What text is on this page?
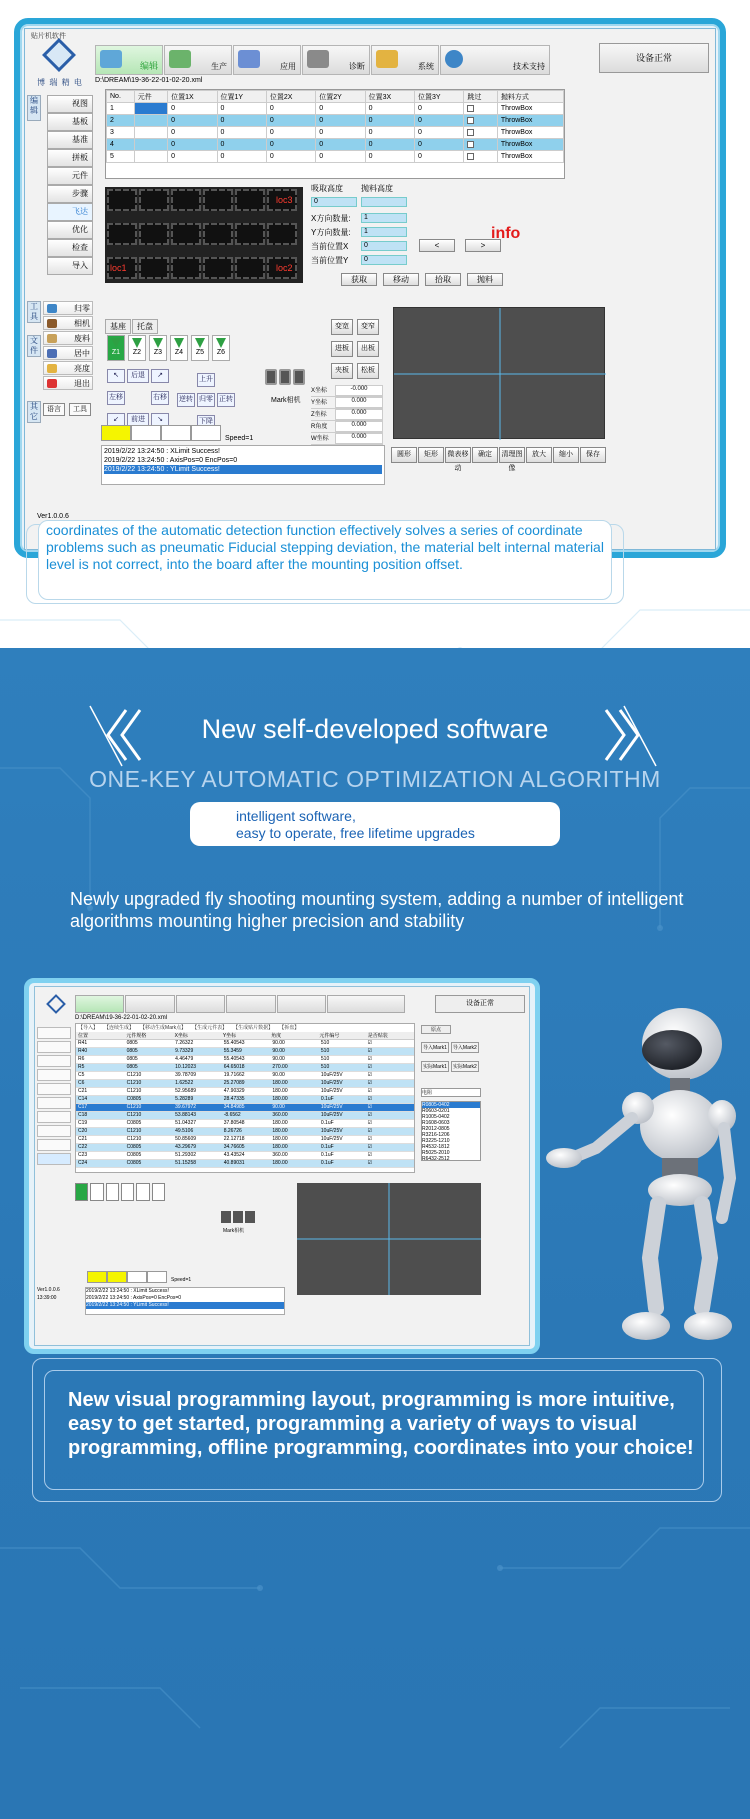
贴片机软件
博 瑞 精 电
编辑	生产	应用	诊断	系统	技术支持
设备正常
D:\DREAM\19-36-22-01-02-20.xml
编辑
工具
文件
其它
视图
基板
基准
拼板
元件
步骤
飞达
优化
检查
导入
归零
相机
废料
居中
亮度
退出
语言	工具
Ver1.0.0.6
No.	元件	位置1X	位置1Y	位置2X	位置2Y	位置3X	位置3Y	跳过	抛料方式
1		0	0	0	0	0	0		ThrowBox
2		0	0	0	0	0	0		ThrowBox
3		0	0	0	0	0	0		ThrowBox
4		0	0	0	0	0	0		ThrowBox
5		0	0	0	0	0	0		ThrowBox
loc3
loc1	loc2
吸取高度 抛料高度
0
X方向数量:	1
Y方向数量:	1
当前位置X	0
当前位置Y	0
<	>
获取	移动	拾取	抛料
info
基座 托盘
Z1	Z2	Z3	Z4	Z5	Z6
↖	后退	↗
左移	右移
↙	前进	↘
上升
逆转 归零 正转
下降
Mark相机
变宽	变窄
进板	出板
夹板	松板
X坐标	-0.000
Y坐标	0.000
Z坐标	0.000
R角度	0.000
W坐标	0.000
Speed=1
2019/2/22 13:24:50 : XLimit Success!
2019/2/22 13:24:50 : AxisPos=0 EncPos=0
2019/2/22 13:24:50 : YLimit Success!
圆形	矩形	微表移动
确定	清理图像
放大	缩小	保存
coordinates of the automatic detection function effectively solves a series of coordinate problems such as pneumatic Fiducial stepping deviation, the material belt internal material level is not correct, into the board after the mounting position offset.
New self-developed software
ONE-KEY AUTOMATIC OPTIMIZATION ALGORITHM
intelligent software,
easy to operate, free lifetime upgrades
Newly upgraded fly shooting mounting system, adding a number of intelligent algorithms mounting higher precision and stability
设备正常
D:\DREAM\19-36-22-01-02-20.xml
【导入】 【连续生成】 【移动生成Mark点】 【生成元件表】 【生成贴片数据】 【拆盘】
位置	元件规格	X坐标	Y坐标	角度	元件编号	是否贴装
R41	0805	7.26322	55.40543	90.00	510	☑
R40	0805	9.73329	55.3459	90.00	510	☑
R6	0805	4.46479	55.40543	90.00	510	☑
R5	0805	10.12023	64.65018	270.00	510	☑
C5	C1210	39.78709	19.71662	90.00	10uF/25V	☑
C6	C1210	1.62522	25.27089	180.00	10uF/25V	☑
C21	C1210	52.95689	47.90329	180.00	10uF/25V	☑
C14	C0805	5.28289	28.47335	180.00	0.1uF	☑
C17	C1210	39.67972	34.84985	90.00	10uF/25V	☑
C18	C1210	53.88143	-8.6562	360.00	10uF/25V	☑
C19	C0805	51.04327	37.80548	180.00	0.1uF	☑
C20	C1210	49.5106	8.26726	180.00	10uF/25V	☑
C21	C1210	50.85609	22.12718	180.00	10uF/25V	☑
C22	C0805	43.29679	34.76605	180.00	0.1uF	☑
C23	C0805	51.29302	43.43524	360.00	0.1uF	☑
C24	C0805	51.15258	40.89031	180.00	0.1uF	☑
原点
导入Mark1	导入Mark2
实际Mark1	实际Mark2
电阻
R0805-0402
R0603-0201
R1005-0402
R1608-0603
R2012-0805
R3216-1206
R3225-1210
R4532-1812
R5025-2010
R6432-2512
Mark相机
Speed=1
Ver1.0.0.6
13:39:00
2019/2/22 13:24:50 : XLimit Success!
2019/2/22 13:24:50 : AxisPos=0 EncPos=0
2019/2/22 13:24:50 : YLimit Success!
New visual programming layout, programming is more intuitive, easy to get started, programming a variety of ways to visual programming, offline programming, coordinates into your choice!
